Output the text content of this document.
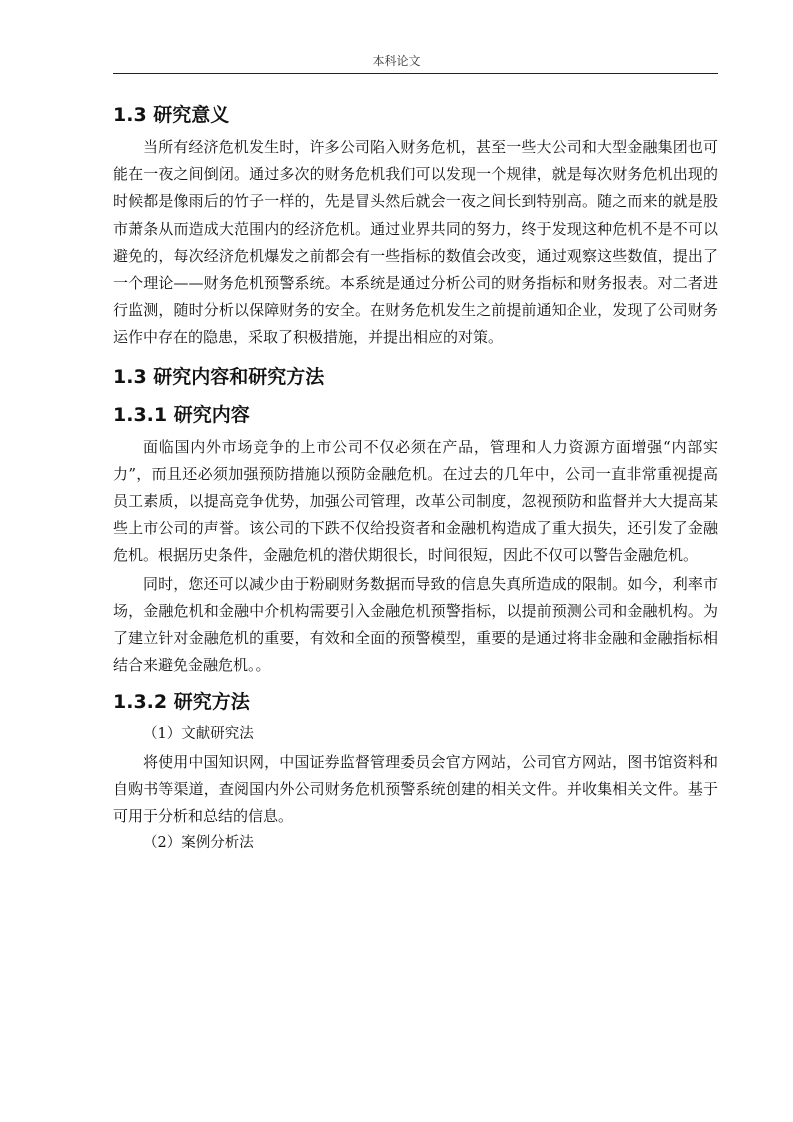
本科论文
1.3 研究意义

当所有经济危机发生时，许多公司陷入财务危机，甚至一些大公司和大型金融集团也可能在一夜之间倒闭。通过多次的财务危机我们可以发现一个规律，就是每次财务危机出现的时候都是像雨后的竹子一样的，先是冒头然后就会一夜之间长到特别高。随之而来的就是股市萧条从而造成大范围内的经济危机。通过业界共同的努力，终于发现这种危机不是不可以避免的，每次经济危机爆发之前都会有一些指标的数值会改变，通过观察这些数值，提出了一个理论——财务危机预警系统。本系统是通过分析公司的财务指标和财务报表。对二者进行监测，随时分析以保障财务的安全。在财务危机发生之前提前通知企业，发现了公司财务运作中存在的隐患，采取了积极措施，并提出相应的对策。

1.3 研究内容和研究方法
1.3.1 研究内容

面临国内外市场竞争的上市公司不仅必须在产品，管理和人力资源方面增强“内部实力”，而且还必须加强预防措施以预防金融危机。在过去的几年中，公司一直非常重视提高员工素质，以提高竞争优势，加强公司管理，改革公司制度，忽视预防和监督并大大提高某些上市公司的声誉。该公司的下跌不仅给投资者和金融机构造成了重大损失，还引发了金融危机。根据历史条件，金融危机的潜伏期很长，时间很短，因此不仅可以警告金融危机。

同时，您还可以减少由于粉刷财务数据而导致的信息失真所造成的限制。如今，利率市场，金融危机和金融中介机构需要引入金融危机预警指标，以提前预测公司和金融机构。为了建立针对金融危机的重要，有效和全面的预警模型，重要的是通过将非金融和金融指标相结合来避免金融危机。。

1.3.2 研究方法

（1）文献研究法

将使用中国知识网，中国证券监督管理委员会官方网站，公司官方网站，图书馆资料和自购书等渠道，查阅国内外公司财务危机预警系统创建的相关文件。并收集相关文件。基于可用于分析和总结的信息。

（2）案例分析法
